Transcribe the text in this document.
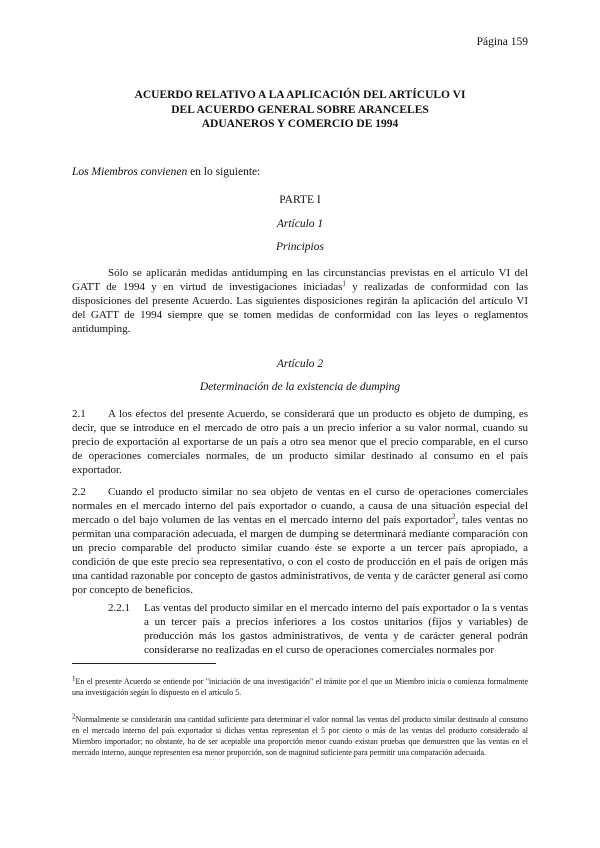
Página 159
ACUERDO RELATIVO A LA APLICACIÓN DEL ARTÍCULO VI
DEL ACUERDO GENERAL SOBRE ARANCELES
ADUANEROS Y COMERCIO DE 1994
Los Miembros convienen en lo siguiente:
PARTE I
Artículo 1
Principios
Sólo se aplicarán medidas antidumping en las circunstancias previstas en el artículo VI del GATT de 1994 y en virtud de investigaciones iniciadas$^1$ y realizadas de conformidad con las disposiciones del presente Acuerdo. Las siguientes disposiciones regirán la aplicación del artículo VI del GATT de 1994 siempre que se tomen medidas de conformidad con las leyes o reglamentos antidumping.
Artículo 2
Determinación de la existencia de dumping
2.1 A los efectos del presente Acuerdo, se considerará que un producto es objeto de dumping, es decir, que se introduce en el mercado de otro país a un precio inferior a su valor normal, cuando su precio de exportación al exportarse de un país a otro sea menor que el precio comparable, en el curso de operaciones comerciales normales, de un producto similar destinado al consumo en el país exportador.
2.2 Cuando el producto similar no sea objeto de ventas en el curso de operaciones comerciales normales en el mercado interno del país exportador o cuando, a causa de una situación especial del mercado o del bajo volumen de las ventas en el mercado interno del país exportador$^2$, tales ventas no permitan una comparación adecuada, el margen de dumping se determinará mediante comparación con un precio comparable del producto similar cuando éste se exporte a un tercer país apropiado, a condición de que este precio sea representativo, o con el costo de producción en el país de origen más una cantidad razonable por concepto de gastos administrativos, de venta y de carácter general así como por concepto de beneficios.
2.2.1 Las ventas del producto similar en el mercado interno del país exportador o la s ventas a un tercer país a precios inferiores a los costos unitarios (fijos y variables) de producción más los gastos administrativos, de venta y de carácter general podrán considerarse no realizadas en el curso de operaciones comerciales normales por
$^1$En el presente Acuerdo se entiende por "iniciación de una investigación" el trámite por el que un Miembro inicia o comienza formalmente una investigación según lo dispuesto en el artículo 5.
$^2$Normalmente se considerarán una cantidad suficiente para determinar el valor normal las ventas del producto similar destinado al consumo en el mercado interno del país exportador si dichas ventas representan el 5 por ciento o más de las ventas del producto considerado al Miembro importador; no obstante, ha de ser aceptable una proporción menor cuando existan pruebas que demuestren que las ventas en el mercado interno, aunque representen esa menor proporción, son de magnitud suficiente para permitir una comparación adecuada.
